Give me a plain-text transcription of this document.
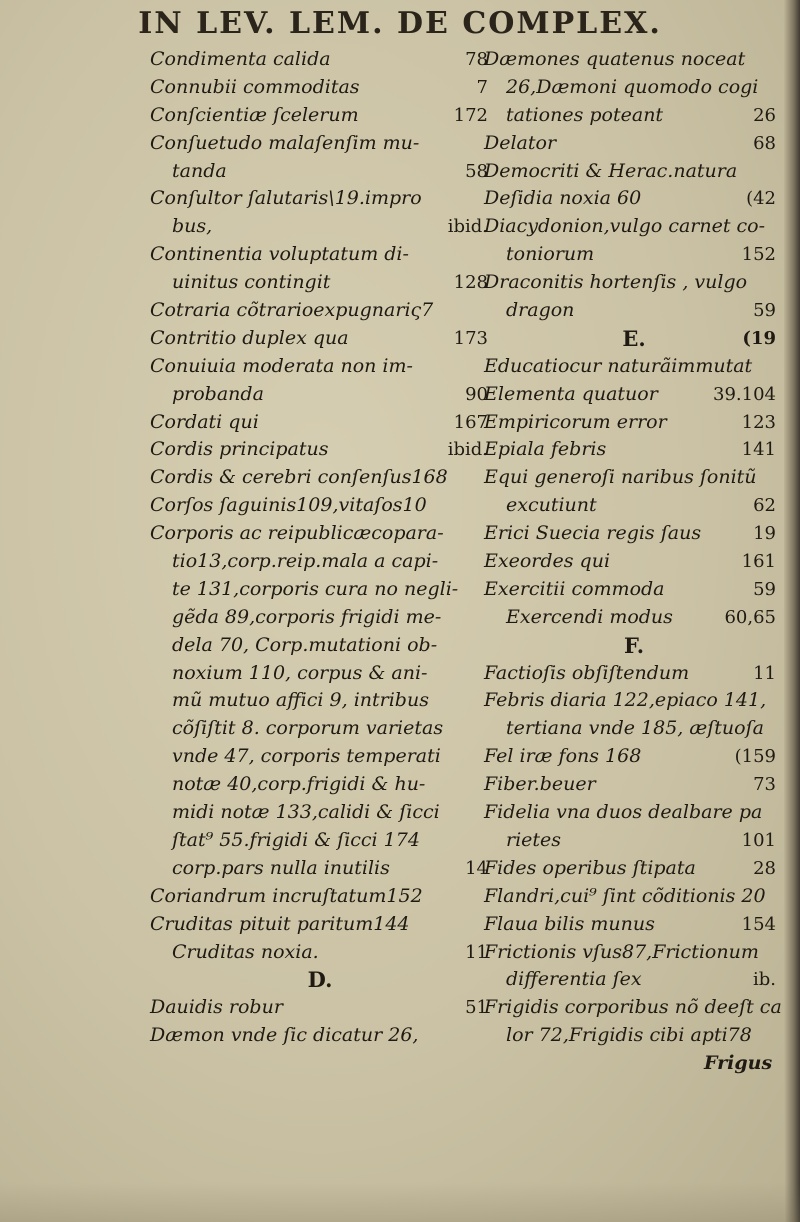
IN LEV. LEM. DE COMPLEX.
Condimenta calida	78
Connubii commoditas	7
Conſcientiæ ſcelerum	172
Conſuetudo malaſenſim mu-
tanda	58
Conſultor ſalutaris\19.impro
bus,	ibid.
Continentia voluptatum di-
uinitus contingit	128
Cotraria cõtrarioexpugnariς7
Contritio duplex qua	173
Conuiuia moderata non im-
probanda	90
Cordati qui	167
Cordis principatus	ibid.
Cordis & cerebri conſenſus168
Corſos ſaguinis109,vitaſos10
Corporis ac reipublicæcopara-
tio13,corp.reip.mala a capi-
te 131,corporis cura no negli-
gẽda 89,corporis frigidi me-
dela 70, Corp.mutationi ob-
noxium 110, corpus & ani-
mũ mutuo affici 9, intribus
cõſiſtit 8. corporum varietas
vnde 47, corporis temperati
notæ 40,corp.frigidi & hu-
midi notæ 133,calidi & ſicci
ſtat⁹ 55.frigidi & ſicci 174
corp.pars nulla inutilis	14
Coriandrum incruſtatum152
Cruditas pituit paritum144
Cruditas noxia.	11
D.
Dauidis robur	51
Dæmon vnde ſic dicatur 26,
Dæmones quatenus noceat
26,Dæmoni quomodo cogi
tationes poteant	26
Delator	68
Democriti & Herac.natura
Deſidia noxia 60	(42
Diacydonion,vulgo carnet co-
toniorum	152
Draconitis hortenſis , vulgo
dragon	59
E.	(19
Educatiocur naturãimmutat
Elementa quatuor	39.104
Empiricorum error	123
Epiala febris	141
Equi generoſi naribus ſonitũ
excutiunt	62
Erici Suecia regis ſaus	19
Exeordes qui	161
Exercitii commoda	59
Exercendi modus	60,65
F.
Factioſis obſiſtendum	11
Febris diaria 122,epiaco 141,
tertiana vnde 185, æſtuoſa
Fel iræ fons 168	(159
Fiber.beuer	73
Fidelia vna duos dealbare pa
rietes	101
Fides operibus ſtipata	28
Flandri,cui⁹ ſint cõditionis 20
Flaua bilis munus	154
Frictionis vſus87,Frictionum
differentia ſex	ib.
Frigidis corporibus nõ deeſt ca
lor 72,Frigidis cibi apti78
Frigus
